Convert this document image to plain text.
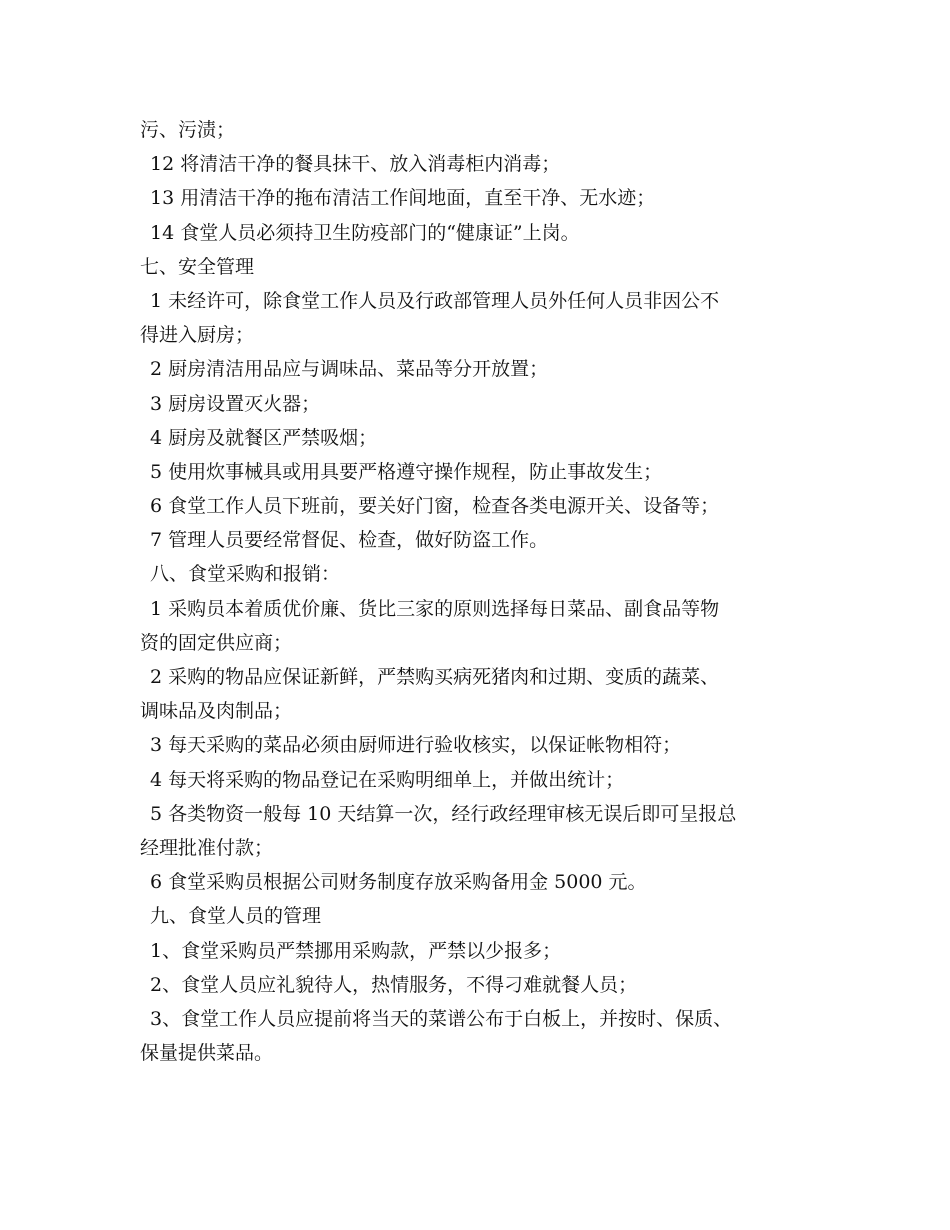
污、污渍；
12 将清洁干净的餐具抹干、放入消毒柜内消毒；
13 用清洁干净的拖布清洁工作间地面，直至干净、无水迹；
14 食堂人员必须持卫生防疫部门的“健康证”上岗。
七、安全管理
1 未经许可，除食堂工作人员及行政部管理人员外任何人员非因公不
得进入厨房；
2 厨房清洁用品应与调味品、菜品等分开放置；
3 厨房设置灭火器；
4 厨房及就餐区严禁吸烟；
5 使用炊事械具或用具要严格遵守操作规程，防止事故发生；
6 食堂工作人员下班前，要关好门窗，检查各类电源开关、设备等；
7 管理人员要经常督促、检查，做好防盗工作。
八、食堂采购和报销：
1 采购员本着质优价廉、货比三家的原则选择每日菜品、副食品等物
资的固定供应商；
2 采购的物品应保证新鲜，严禁购买病死猪肉和过期、变质的蔬菜、
调味品及肉制品；
3 每天采购的菜品必须由厨师进行验收核实，以保证帐物相符；
4 每天将采购的物品登记在采购明细单上，并做出统计；
5 各类物资一般每 10 天结算一次，经行政经理审核无误后即可呈报总
经理批准付款；
6 食堂采购员根据公司财务制度存放采购备用金 5000 元。
九、食堂人员的管理
1、食堂采购员严禁挪用采购款，严禁以少报多；
2、食堂人员应礼貌待人，热情服务，不得刁难就餐人员；
3、食堂工作人员应提前将当天的菜谱公布于白板上，并按时、保质、
保量提供菜品。
